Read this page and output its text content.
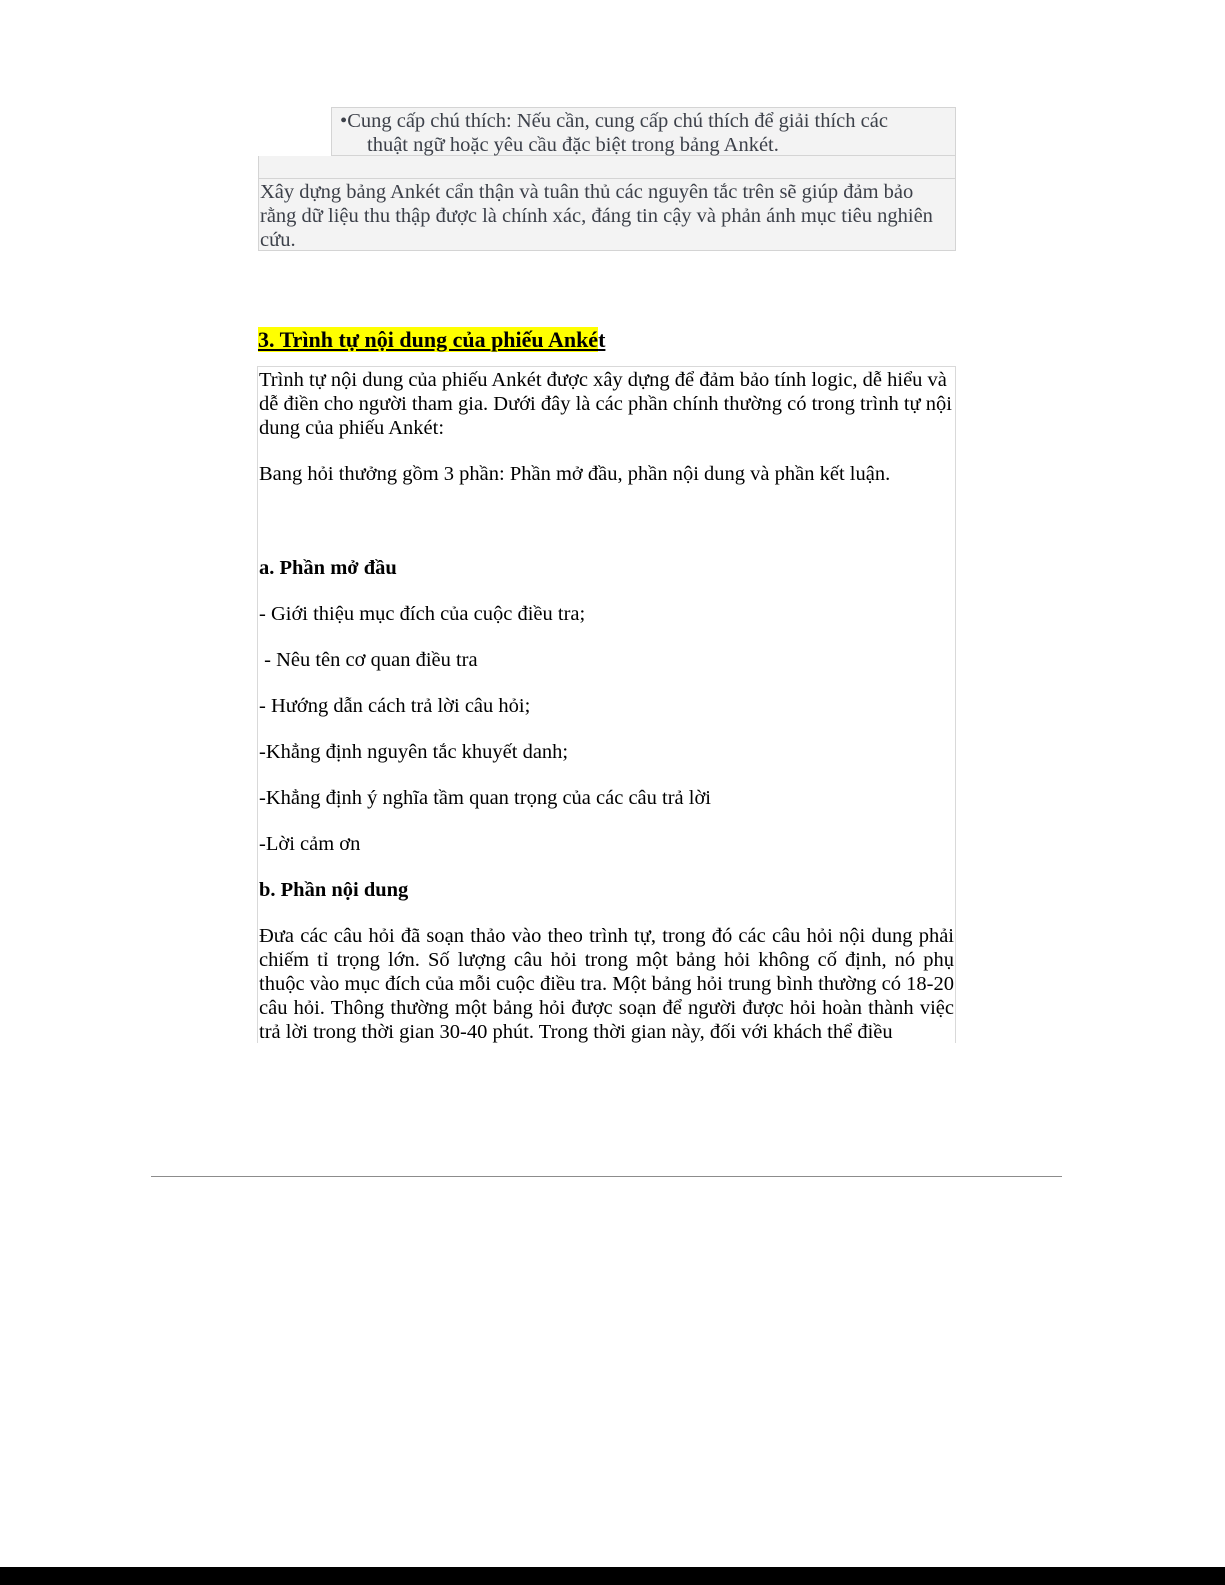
•Cung cấp chú thích: Nếu cần, cung cấp chú thích để giải thích các
thuật ngữ hoặc yêu cầu đặc biệt trong bảng Ankét.
Xây dựng bảng Ankét cẩn thận và tuân thủ các nguyên tắc trên sẽ giúp đảm bảo rằng dữ liệu thu thập được là chính xác, đáng tin cậy và phản ánh mục tiêu nghiên cứu.
3. Trình tự nội dung của phiếu Ankét

Trình tự nội dung của phiếu Ankét được xây dựng để đảm bảo tính logic, dễ hiểu và dễ điền cho người tham gia. Dưới đây là các phần chính thường có trong trình tự nội dung của phiếu Ankét:

Bang hỏi thưởng gồm 3 phần: Phần mở đầu, phần nội dung và phần kết luận.

a. Phần mở đầu

- Giới thiệu mục đích của cuộc điều tra;

- Nêu tên cơ quan điều tra

- Hướng dẫn cách trả lời câu hỏi;

-Khẳng định nguyên tắc khuyết danh;

-Khẳng định ý nghĩa tầm quan trọng của các câu trả lời

-Lời cảm ơn

b. Phần nội dung

Đưa các câu hỏi đã soạn thảo vào theo trình tự, trong đó các câu hỏi nội dung phải chiếm tỉ trọng lớn. Số lượng câu hỏi trong một bảng hỏi không cố định, nó phụ thuộc vào mục đích của mỗi cuộc điều tra. Một bảng hỏi trung bình thường có 18-20 câu hỏi. Thông thường một bảng hỏi được soạn để người được hỏi hoàn thành việc trả lời trong thời gian 30-40 phút. Trong thời gian này, đối với khách thể điều
